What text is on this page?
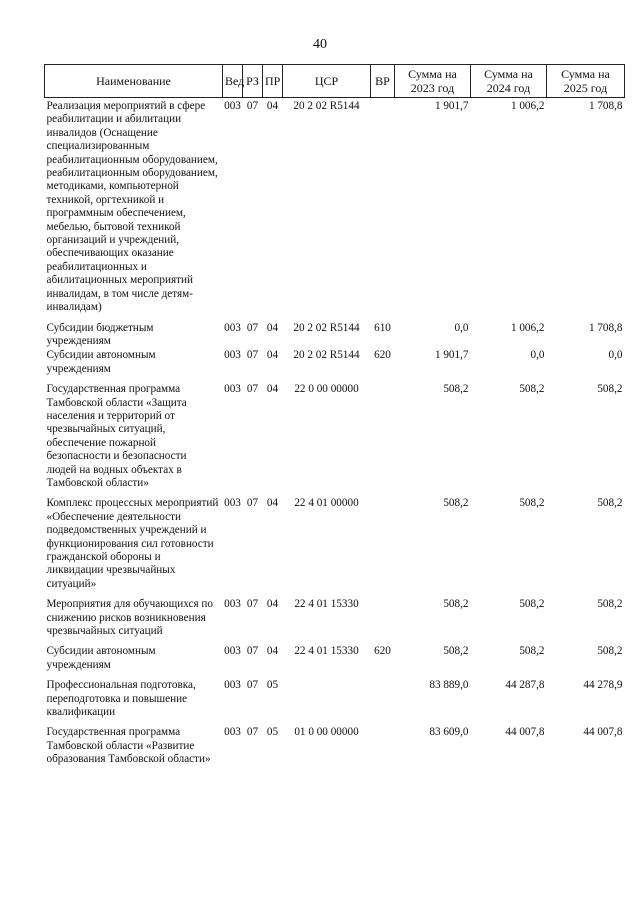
40
Наименование	Вед	РЗ	ПР	ЦСР	ВР	Сумма на 2023 год	Сумма на 2024 год	Сумма на 2025 год
Реализация мероприятий в сфере реабилитации и абилитации инвалидов (Оснащение специализированным реабилитационным оборудованием, реабилитационным оборудованием, методиками, компьютерной техникой, оргтехникой и программным обеспечением, мебелью, бытовой техникой организаций и учреждений, обеспечивающих оказание реабилитационных и абилитационных мероприятий инвалидам, в том числе детям-инвалидам)	003	07	04	20 2 02 R5144		1 901,7	1 006,2	1 708,8
Субсидии бюджетным учреждениям	003	07	04	20 2 02 R5144	610	0,0	1 006,2	1 708,8
Субсидии автономным учреждениям	003	07	04	20 2 02 R5144	620	1 901,7	0,0	0,0
Государственная программа Тамбовской области «Защита населения и территорий от чрезвычайных ситуаций, обеспечение пожарной безопасности и безопасности людей на водных объектах в Тамбовской области»	003	07	04	22 0 00 00000		508,2	508,2	508,2
Комплекс процессных мероприятий «Обеспечение деятельности подведомственных учреждений и функционирования сил готовности гражданской обороны и ликвидации чрезвычайных ситуаций»	003	07	04	22 4 01 00000		508,2	508,2	508,2
Мероприятия для обучающихся по снижению рисков возникновения чрезвычайных ситуаций	003	07	04	22 4 01 15330		508,2	508,2	508,2
Субсидии автономным учреждениям	003	07	04	22 4 01 15330	620	508,2	508,2	508,2
Профессиональная подготовка, переподготовка и повышение квалификации	003	07	05			83 889,0	44 287,8	44 278,9
Государственная программа Тамбовской области «Развитие образования Тамбовской области»	003	07	05	01 0 00 00000		83 609,0	44 007,8	44 007,8
